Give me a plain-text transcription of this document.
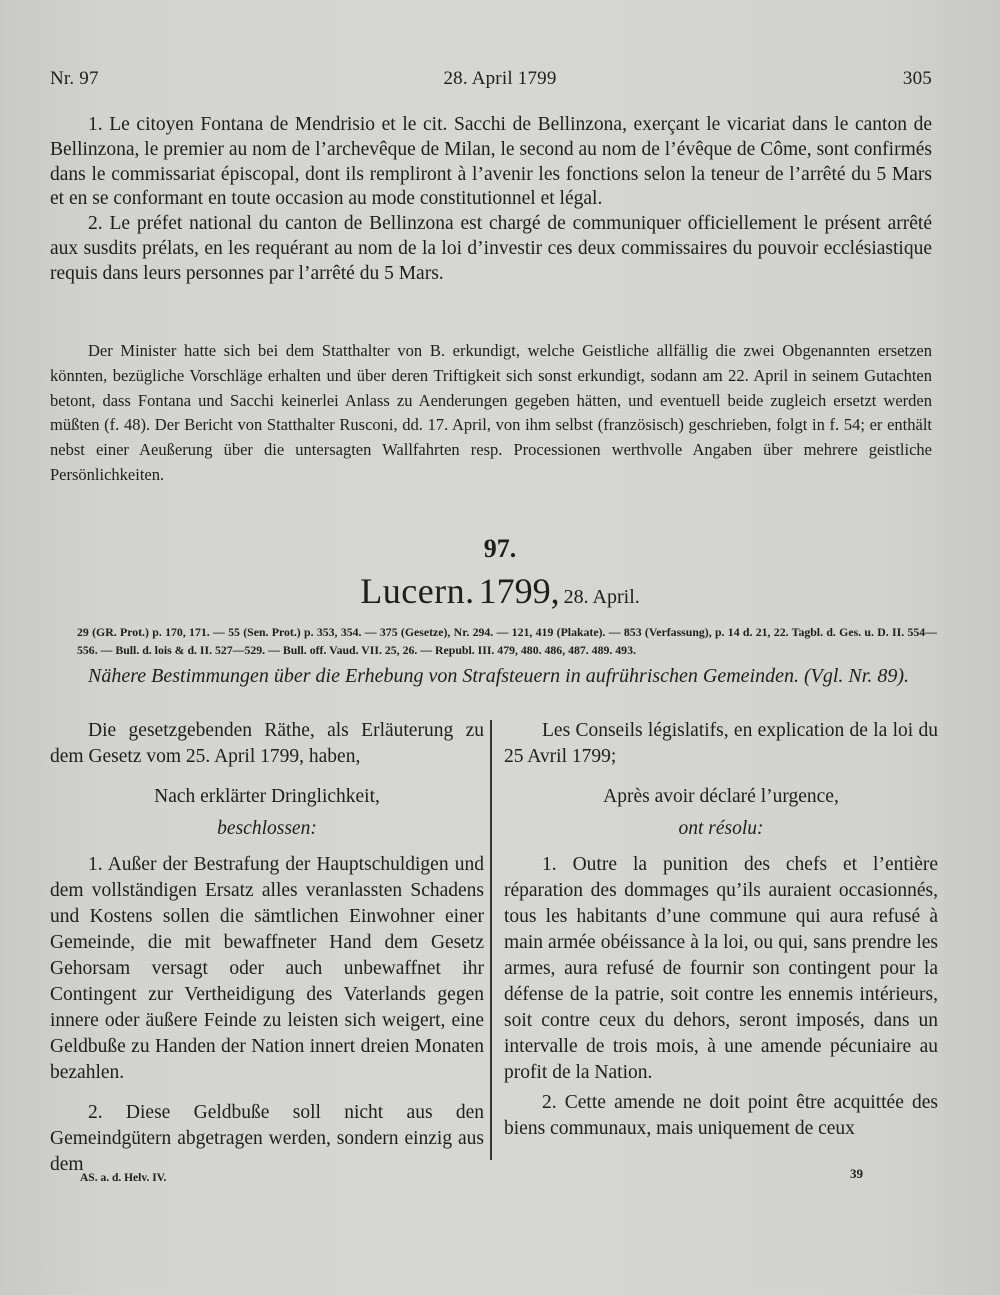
Nr. 97	28. April 1799	305

1. Le citoyen Fontana de Mendrisio et le cit. Sacchi de Bellinzona, exerçant le vicariat dans le canton de Bellinzona, le premier au nom de l’archevêque de Milan, le second au nom de l’évêque de Côme, sont confirmés dans le commissariat épiscopal, dont ils rempliront à l’avenir les fonctions selon la teneur de l’arrêté du 5 Mars et en se conformant en toute occasion au mode constitutionnel et légal.

2. Le préfet national du canton de Bellinzona est chargé de communiquer officiellement le présent arrêté aux susdits prélats, en les requérant au nom de la loi d’investir ces deux commissaires du pouvoir ecclésiastique requis dans leurs personnes par l’arrêté du 5 Mars.

Der Minister hatte sich bei dem Statthalter von B. erkundigt, welche Geistliche allfällig die zwei Obgenannten ersetzen könnten, bezügliche Vorschläge erhalten und über deren Triftigkeit sich sonst erkundigt, sodann am 22. April in seinem Gutachten betont, dass Fontana und Sacchi keinerlei Anlass zu Aenderungen gegeben hätten, und eventuell beide zugleich ersetzt werden müßten (f. 48). Der Bericht von Statthalter Rusconi, dd. 17. April, von ihm selbst (französisch) geschrieben, folgt in f. 54; er enthält nebst einer Aeußerung über die untersagten Wallfahrten resp. Processionen werthvolle Angaben über mehrere geistliche Persönlichkeiten.

97.
Lucern. 1799, 28. April.

29 (GR. Prot.) p. 170, 171. — 55 (Sen. Prot.) p. 353, 354. — 375 (Gesetze), Nr. 294. — 121, 419 (Plakate). — 853 (Verfassung), p. 14 d. 21, 22. Tagbl. d. Ges. u. D. II. 554—556. — Bull. d. lois & d. II. 527—529. — Bull. off. Vaud. VII. 25, 26. — Republ. III. 479, 480. 486, 487. 489. 493.

Nähere Bestimmungen über die Erhebung von Strafsteuern in aufrührischen Gemeinden. (Vgl. Nr. 89).

Die gesetzgebenden Räthe, als Erläuterung zu dem Gesetz vom 25. April 1799, haben,

Nach erklärter Dringlichkeit,

beschlossen:

1. Außer der Bestrafung der Hauptschuldigen und dem vollständigen Ersatz alles veranlassten Schadens und Kostens sollen die sämtlichen Einwohner einer Gemeinde, die mit bewaffneter Hand dem Gesetz Gehorsam versagt oder auch unbewaffnet ihr Contingent zur Vertheidigung des Vaterlands gegen innere oder äußere Feinde zu leisten sich weigert, eine Geldbuße zu Handen der Nation innert dreien Monaten bezahlen.

2. Diese Geldbuße soll nicht aus den Gemeindgütern abgetragen werden, sondern einzig aus dem

Les Conseils législatifs, en explication de la loi du 25 Avril 1799;

Après avoir déclaré l’urgence,

ont résolu:

1. Outre la punition des chefs et l’entière réparation des dommages qu’ils auraient occasionnés, tous les habitants d’une commune qui aura refusé à main armée obéissance à la loi, ou qui, sans prendre les armes, aura refusé de fournir son contingent pour la défense de la patrie, soit contre les ennemis intérieurs, soit contre ceux du dehors, seront imposés, dans un intervalle de trois mois, à une amende pécuniaire au profit de la Nation.

2. Cette amende ne doit point être acquittée des biens communaux, mais uniquement de ceux

AS. a. d. Helv. IV.	39
